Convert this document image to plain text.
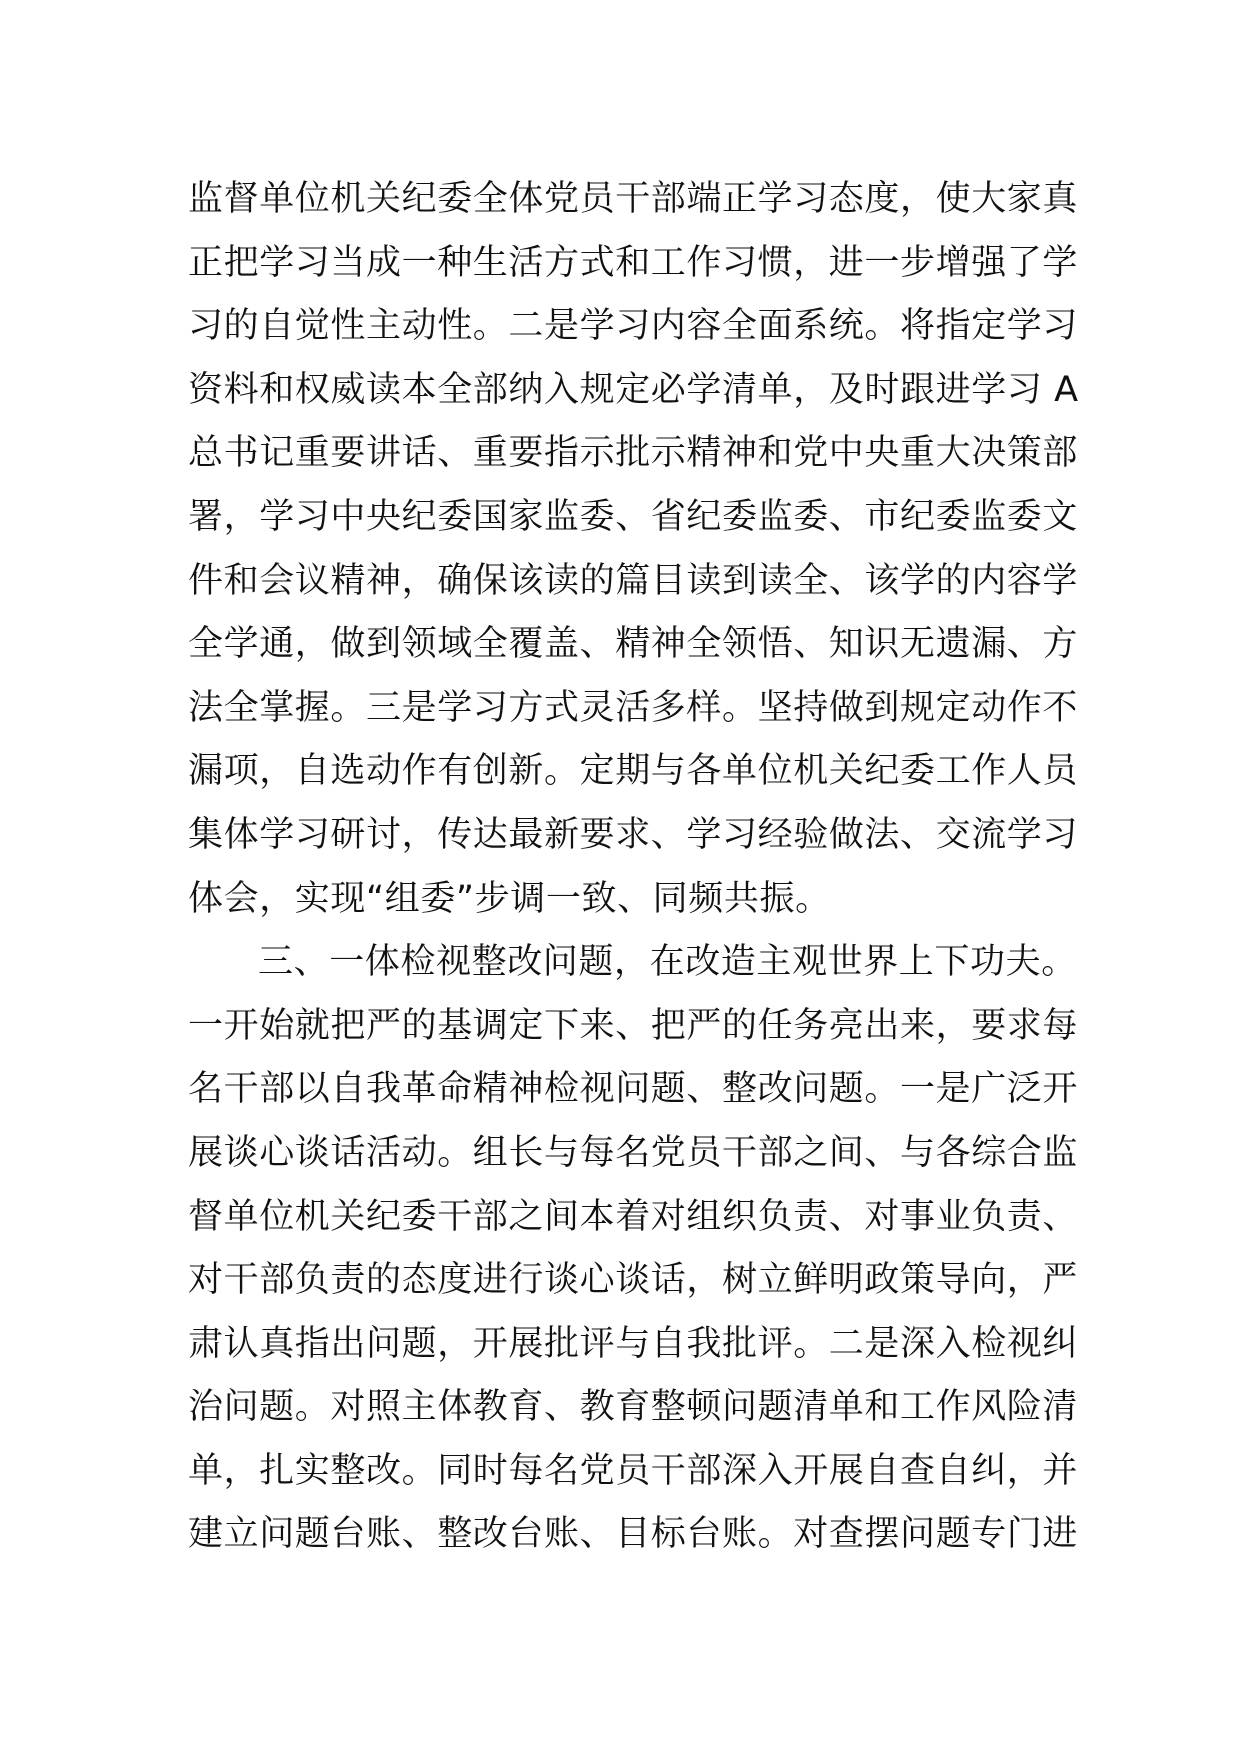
监督单位机关纪委全体党员干部端正学习态度，使大家真
正把学习当成一种生活方式和工作习惯，进一步增强了学
习的自觉性主动性。二是学习内容全面系统。将指定学习
资料和权威读本全部纳入规定必学清单，及时跟进学习 A
总书记重要讲话、重要指示批示精神和党中央重大决策部
署，学习中央纪委国家监委、省纪委监委、市纪委监委文
件和会议精神，确保该读的篇目读到读全、该学的内容学
全学通，做到领域全覆盖、精神全领悟、知识无遗漏、方
法全掌握。三是学习方式灵活多样。坚持做到规定动作不
漏项，自选动作有创新。定期与各单位机关纪委工作人员
集体学习研讨，传达最新要求、学习经验做法、交流学习
体会，实现“组委”步调一致、同频共振。
三、一体检视整改问题，在改造主观世界上下功夫。
一开始就把严的基调定下来、把严的任务亮出来，要求每
名干部以自我革命精神检视问题、整改问题。一是广泛开
展谈心谈话活动。组长与每名党员干部之间、与各综合监
督单位机关纪委干部之间本着对组织负责、对事业负责、
对干部负责的态度进行谈心谈话，树立鲜明政策导向，严
肃认真指出问题，开展批评与自我批评。二是深入检视纠
治问题。对照主体教育、教育整顿问题清单和工作风险清
单，扎实整改。同时每名党员干部深入开展自查自纠，并
建立问题台账、整改台账、目标台账。对查摆问题专门进
